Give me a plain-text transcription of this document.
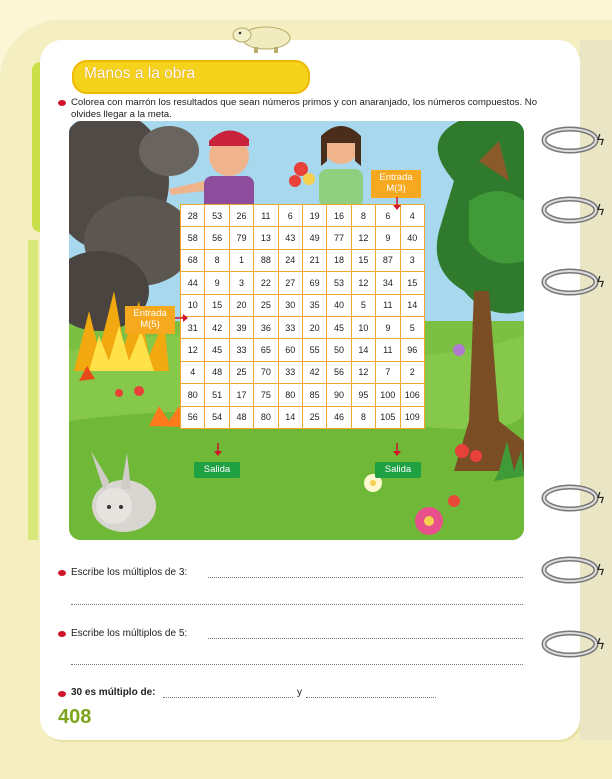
ϟ
ϟ
ϟ
ϟ
ϟ
ϟ
Manos a la obra
Colorea con marrón los resultados que sean números primos y con anaranjado, los números compuestos. No olvides llegar a la meta.
28	53	26	11	6	19	16	8	6	4
58	56	79	13	43	49	77	12	9	40
68	8	1	88	24	21	18	15	87	3
44	9	3	22	27	69	53	12	34	15
10	15	20	25	30	35	40	5	11	14
31	42	39	36	33	20	45	10	9	5
12	45	33	65	60	55	50	14	11	96
4	48	25	70	33	42	56	12	7	2
80	51	17	75	80	85	90	95	100	106
56	54	48	80	14	25	46	8	105	109
Entrada
M(3)
Entrada
M(5)
Salida	Salida
Escribe los múltiplos de 3:
Escribe los múltiplos de 5:
30 es múltiplo de:	y
408
